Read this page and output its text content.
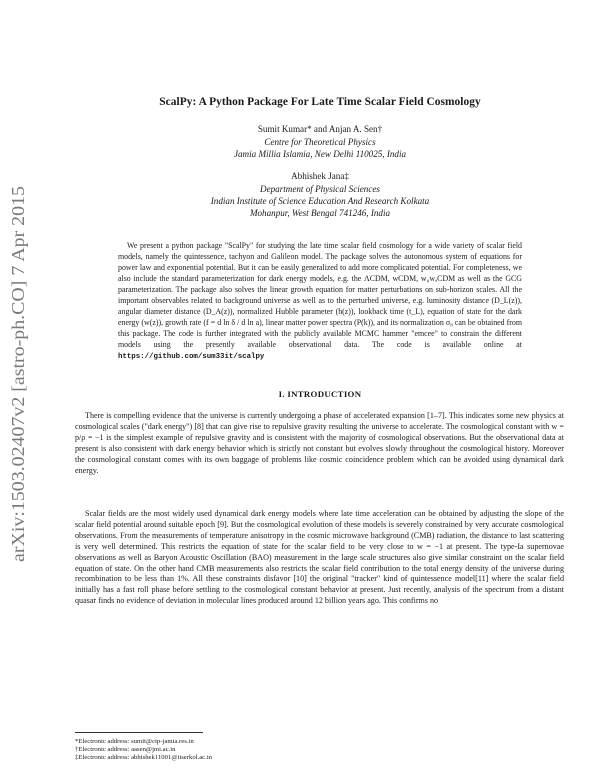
arXiv:1503.02407v2 [astro-ph.CO] 7 Apr 2015
ScalPy: A Python Package For Late Time Scalar Field Cosmology
Sumit Kumar* and Anjan A. Sen†
Centre for Theoretical Physics
Jamia Millia Islamia, New Delhi 110025, India
Abhishek Jana‡
Department of Physical Sciences
Indian Institute of Science Education And Research Kolkata
Mohanpur, West Bengal 741246, India

We present a python package "ScalPy" for studying the late time scalar field cosmology for a wide variety of scalar field models, namely the quintessence, tachyon and Galileon model. The package solves the autonomous system of equations for power law and exponential potential. But it can be easily generalized to add more complicated potential. For completeness, we also include the standard parameterization for dark energy models, e.g. the ΛCDM, wCDM, w₀wₐCDM as well as the GCG parameterization. The package also solves the linear growth equation for matter perturbations on sub-horizon scales. All the important observables related to background universe as well as to the perturbed universe, e.g. luminosity distance (D_L(z)), angular diameter distance (D_A(z)), normalized Hubble parameter (h(z)), lookback time (t_L), equation of state for the dark energy (w(z)), growth rate (f = d ln δ / d ln a), linear matter power spectra (P(k)), and its normalization σ₈ can be obtained from this package. The code is further integrated with the publicly available MCMC hammer "emcee" to constrain the different models using the presently available observational data. The code is available online at https://github.com/sum33it/scalpy

I. INTRODUCTION

There is compelling evidence that the universe is currently undergoing a phase of accelerated expansion [1–7]. This indicates some new physics at cosmological scales ("dark energy") [8] that can give rise to repulsive gravity resulting the universe to accelerate. The cosmological constant with w = p/ρ = −1 is the simplest example of repulsive gravity and is consistent with the majority of cosmological observations. But the observational data at present is also consistent with dark energy behavior which is strictly not constant but evolves slowly throughout the cosmological history. Moreover the cosmological constant comes with its own baggage of problems like cosmic coincidence problem which can be avoided using dynamical dark energy.

Scalar fields are the most widely used dynamical dark energy models where late time acceleration can be obtained by adjusting the slope of the scalar field potential around suitable epoch [9]. But the cosmological evolution of these models is severely constrained by very accurate cosmological observations. From the measurements of temperature anisotropy in the cosmic microwave background (CMB) radiation, the distance to last scattering is very well determined. This restricts the equation of state for the scalar field to be very close to w = −1 at present. The type-Ia supernovae observations as well as Baryon Acoustic Oscillation (BAO) measurement in the large scale structures also give similar constraint on the scalar field equation of state. On the other hand CMB measurements also restricts the scalar field contribution to the total energy density of the universe during recombination to be less than 1%. All these constraints disfavor [10] the original "tracker" kind of quintessence model[11] where the scalar field initially has a fast roll phase before settling to the cosmological constant behavior at present. Just recently, analysis of the spectrum from a distant quasar finds no evidence of deviation in molecular lines produced around 12 billion years ago. This confirms no

*Electronic address: sumit@ctp-jamia.res.in
†Electronic address: aasen@jmi.ac.in
‡Electronic address: abhishek11001@iiserkol.ac.in
